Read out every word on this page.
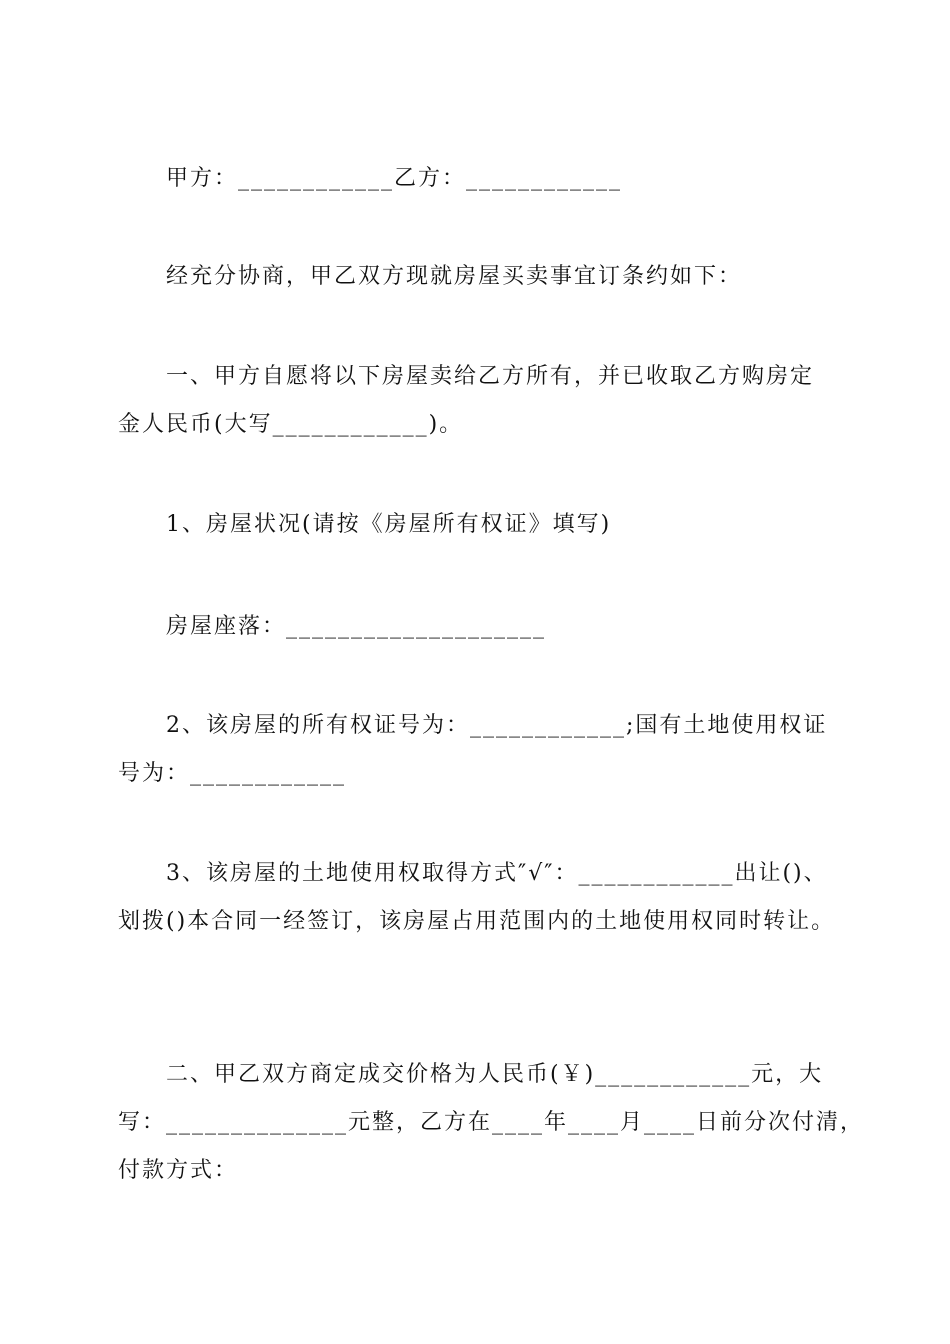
甲方：____________乙方：____________
经充分协商，甲乙双方现就房屋买卖事宜订条约如下：
一、甲方自愿将以下房屋卖给乙方所有，并已收取乙方购房定
金人民币(大写____________)。
1、房屋状况(请按《房屋所有权证》填写)
房屋座落：____________________
2、该房屋的所有权证号为：____________;国有土地使用权证
号为：____________
3、该房屋的土地使用权取得方式″√″：____________出让()、
划拨()本合同一经签订，该房屋占用范围内的土地使用权同时转让。
二、甲乙双方商定成交价格为人民币(￥)____________元，大
写：______________元整，乙方在____年____月____日前分次付清，
付款方式：
